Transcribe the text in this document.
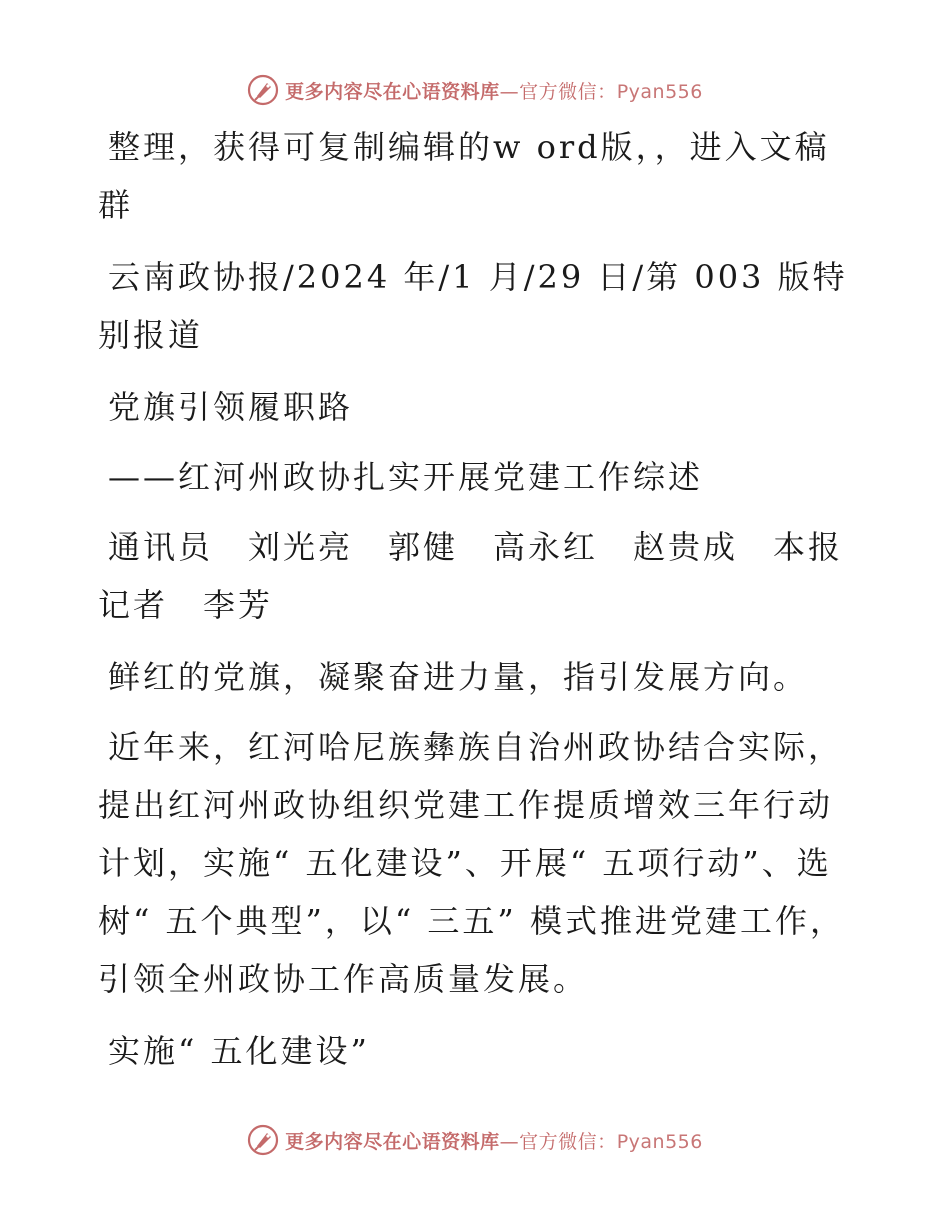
更多内容尽在心语资料库—官方微信：Pyan556

整理，获得可复制编辑的w ord版，，进入文稿群

云南政协报/2024 年/1 月/29 日/第 003 版特别报道

党旗引领履职路

——红河州政协扎实开展党建工作综述

通讯员　刘光亮　郭健　高永红　赵贵成　本报记者　李芳

鲜红的党旗，凝聚奋进力量，指引发展方向。

近年来，红河哈尼族彝族自治州政协结合实际，提出红河州政协组织党建工作提质增效三年行动计划，实施“ 五化建设”、开展“ 五项行动”、选树“ 五个典型”，以“ 三五” 模式推进党建工作，引领全州政协工作高质量发展。

实施“ 五化建设”

更多内容尽在心语资料库—官方微信：Pyan556
